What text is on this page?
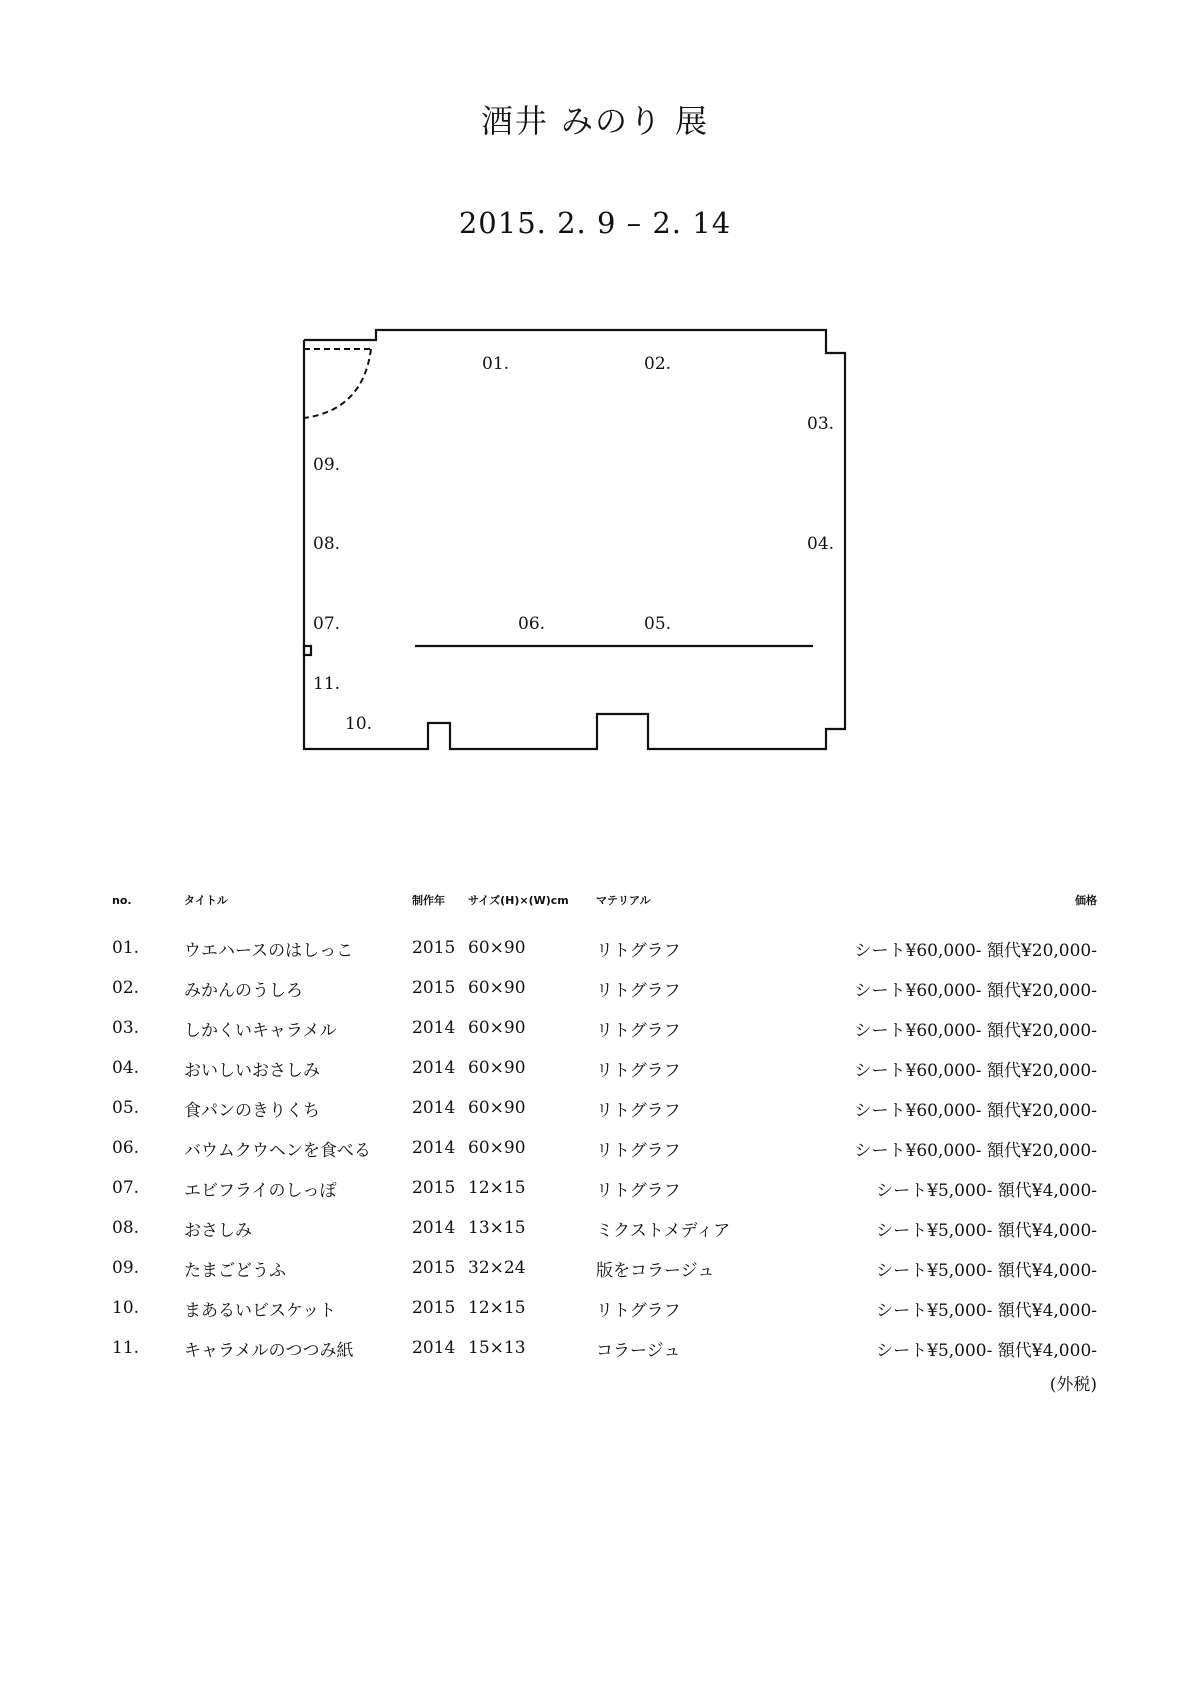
酒井 みのり 展
2015. 2. 9 – 2. 14
01.	02.
03.
04.
05.
06.
07.
08.
09.
10.
11.
no.	タイトル	制作年	サイズ(H)×(W)cm	マテリアル	価格
01.	ウエハースのはしっこ	2015	60×90	リトグラフ	シート¥60,000- 額代¥20,000-
02.	みかんのうしろ	2015	60×90	リトグラフ	シート¥60,000- 額代¥20,000-
03.	しかくいキャラメル	2014	60×90	リトグラフ	シート¥60,000- 額代¥20,000-
04.	おいしいおさしみ	2014	60×90	リトグラフ	シート¥60,000- 額代¥20,000-
05.	食パンのきりくち	2014	60×90	リトグラフ	シート¥60,000- 額代¥20,000-
06.	バウムクウヘンを食べる	2014	60×90	リトグラフ	シート¥60,000- 額代¥20,000-
07.	エビフライのしっぽ	2015	12×15	リトグラフ	シート¥5,000- 額代¥4,000-
08.	おさしみ	2014	13×15	ミクストメディア	シート¥5,000- 額代¥4,000-
09.	たまごどうふ	2015	32×24	版をコラージュ	シート¥5,000- 額代¥4,000-
10.	まあるいビスケット	2015	12×15	リトグラフ	シート¥5,000- 額代¥4,000-
11.	キャラメルのつつみ紙	2014	15×13	コラージュ	シート¥5,000- 額代¥4,000-
(外税)
